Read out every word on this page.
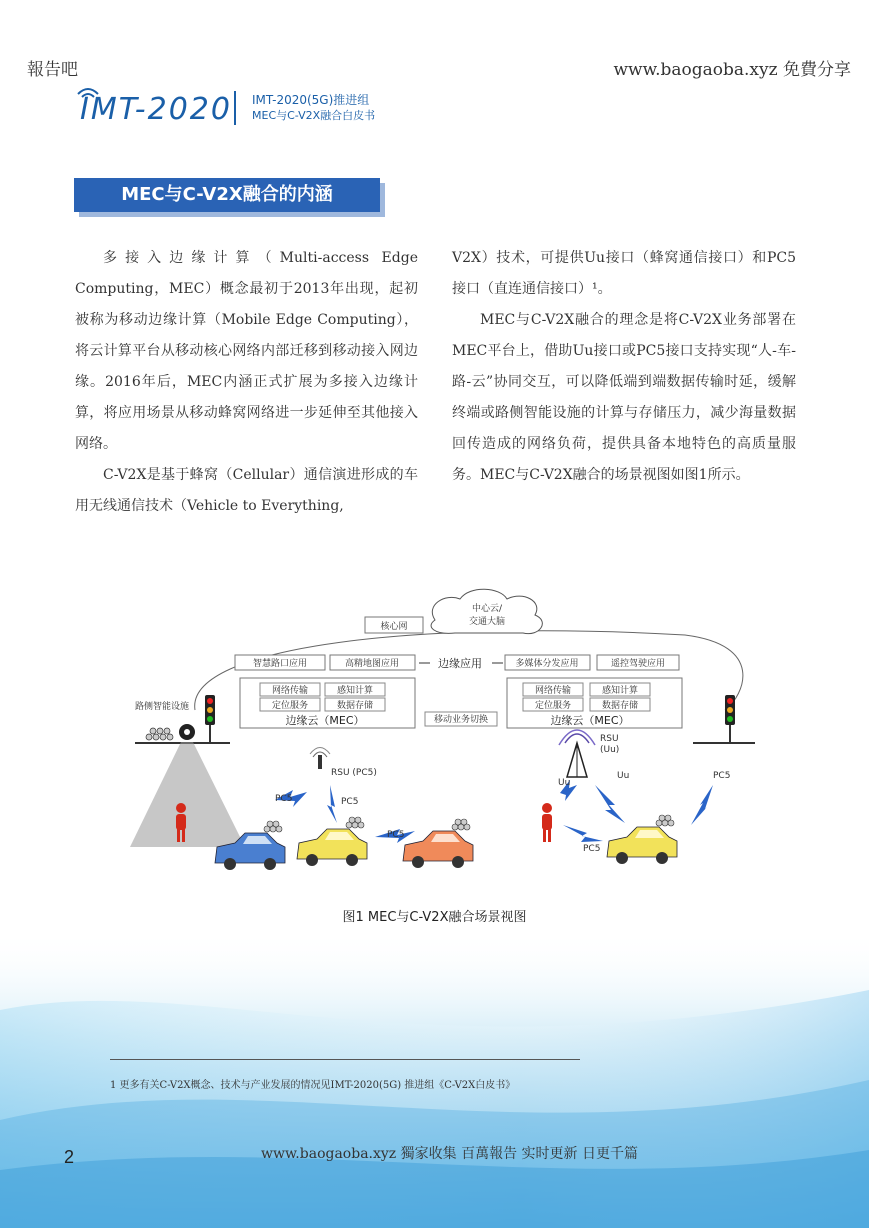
報告吧	www.baogaoba.xyz 免費分享
IMT-2020 IMT-2020(5G)推进组
MEC与C-V2X融合白皮书
MEC与C-V2X融合的内涵

多接入边缘计算（Multi-access Edge Computing，MEC）概念最初于2013年出现，起初被称为移动边缘计算（Mobile Edge Computing），将云计算平台从移动核心网络内部迁移到移动接入网边缘。2016年后，MEC内涵正式扩展为多接入边缘计算，将应用场景从移动蜂窝网络进一步延伸至其他接入网络。

C-V2X是基于蜂窝（Cellular）通信演进形成的车用无线通信技术（Vehicle to Everything,

V2X）技术，可提供Uu接口（蜂窝通信接口）和PC5接口（直连通信接口）¹。

MEC与C-V2X融合的理念是将C-V2X业务部署在MEC平台上，借助Uu接口或PC5接口支持实现“人-车-路-云”协同交互，可以降低端到端数据传输时延，缓解终端或路侧智能设施的计算与存储压力，减少海量数据回传造成的网络负荷，提供具备本地特色的高质量服务。MEC与C-V2X融合的场景视图如图1所示。

中心云/
交通大脑
核心网
智慧路口应用	高精地图应用	边缘应用	多媒体分发应用	遥控驾驶应用
网络传输	感知计算
定位服务	数据存储
边缘云（MEC）	移动业务切换
网络传输	感知计算
定位服务	数据存储
边缘云（MEC）
路侧智能设施
RSU (PC5)
RSU
(Uu)
PC5	PC5
PC5
Uu
Uu
PC5
PC5
图1 MEC与C-V2X融合场景视图
1 更多有关C-V2X概念、技术与产业发展的情况见IMT-2020(5G) 推进组《C-V2X白皮书》
2	www.baogaoba.xyz 獨家收集 百萬報告 实时更新 日更千篇
